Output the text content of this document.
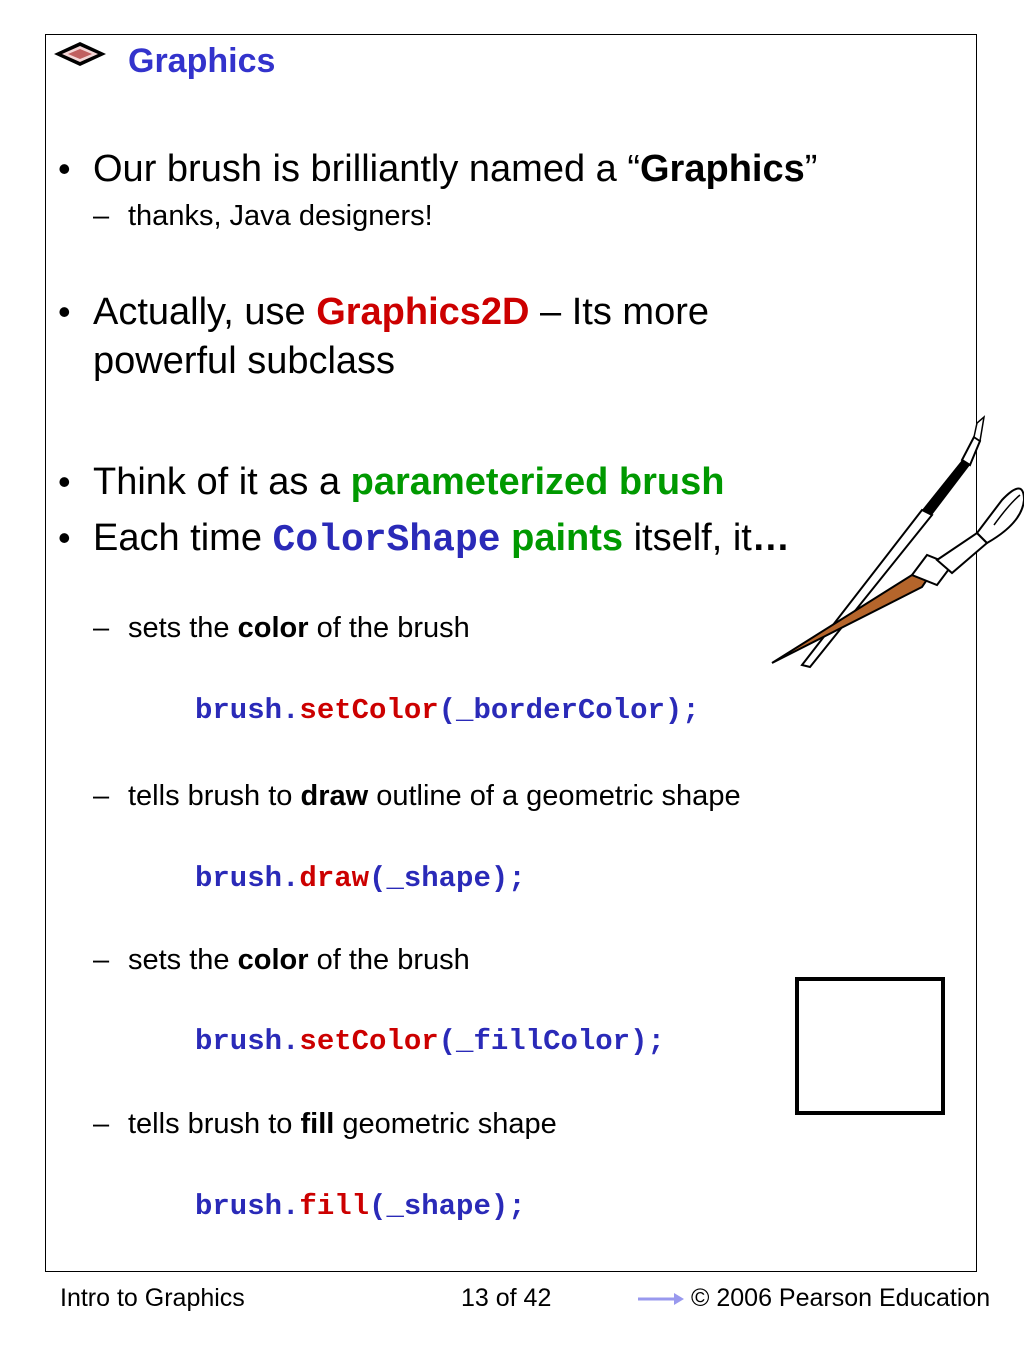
Graphics
• Our brush is brilliantly named a “Graphics”
– thanks, Java designers!
• Actually, use Graphics2D – Its more
powerful subclass
• Think of it as a parameterized brush
• Each time ColorShape paints itself, it…
– sets the color of the brush
brush.setColor(_borderColor);
– tells brush to draw outline of a geometric shape
brush.draw(_shape);
– sets the color of the brush
brush.setColor(_fillColor);
– tells brush to fill geometric shape
brush.fill(_shape);
Intro to Graphics	13 of 42	© 2006 Pearson Education
